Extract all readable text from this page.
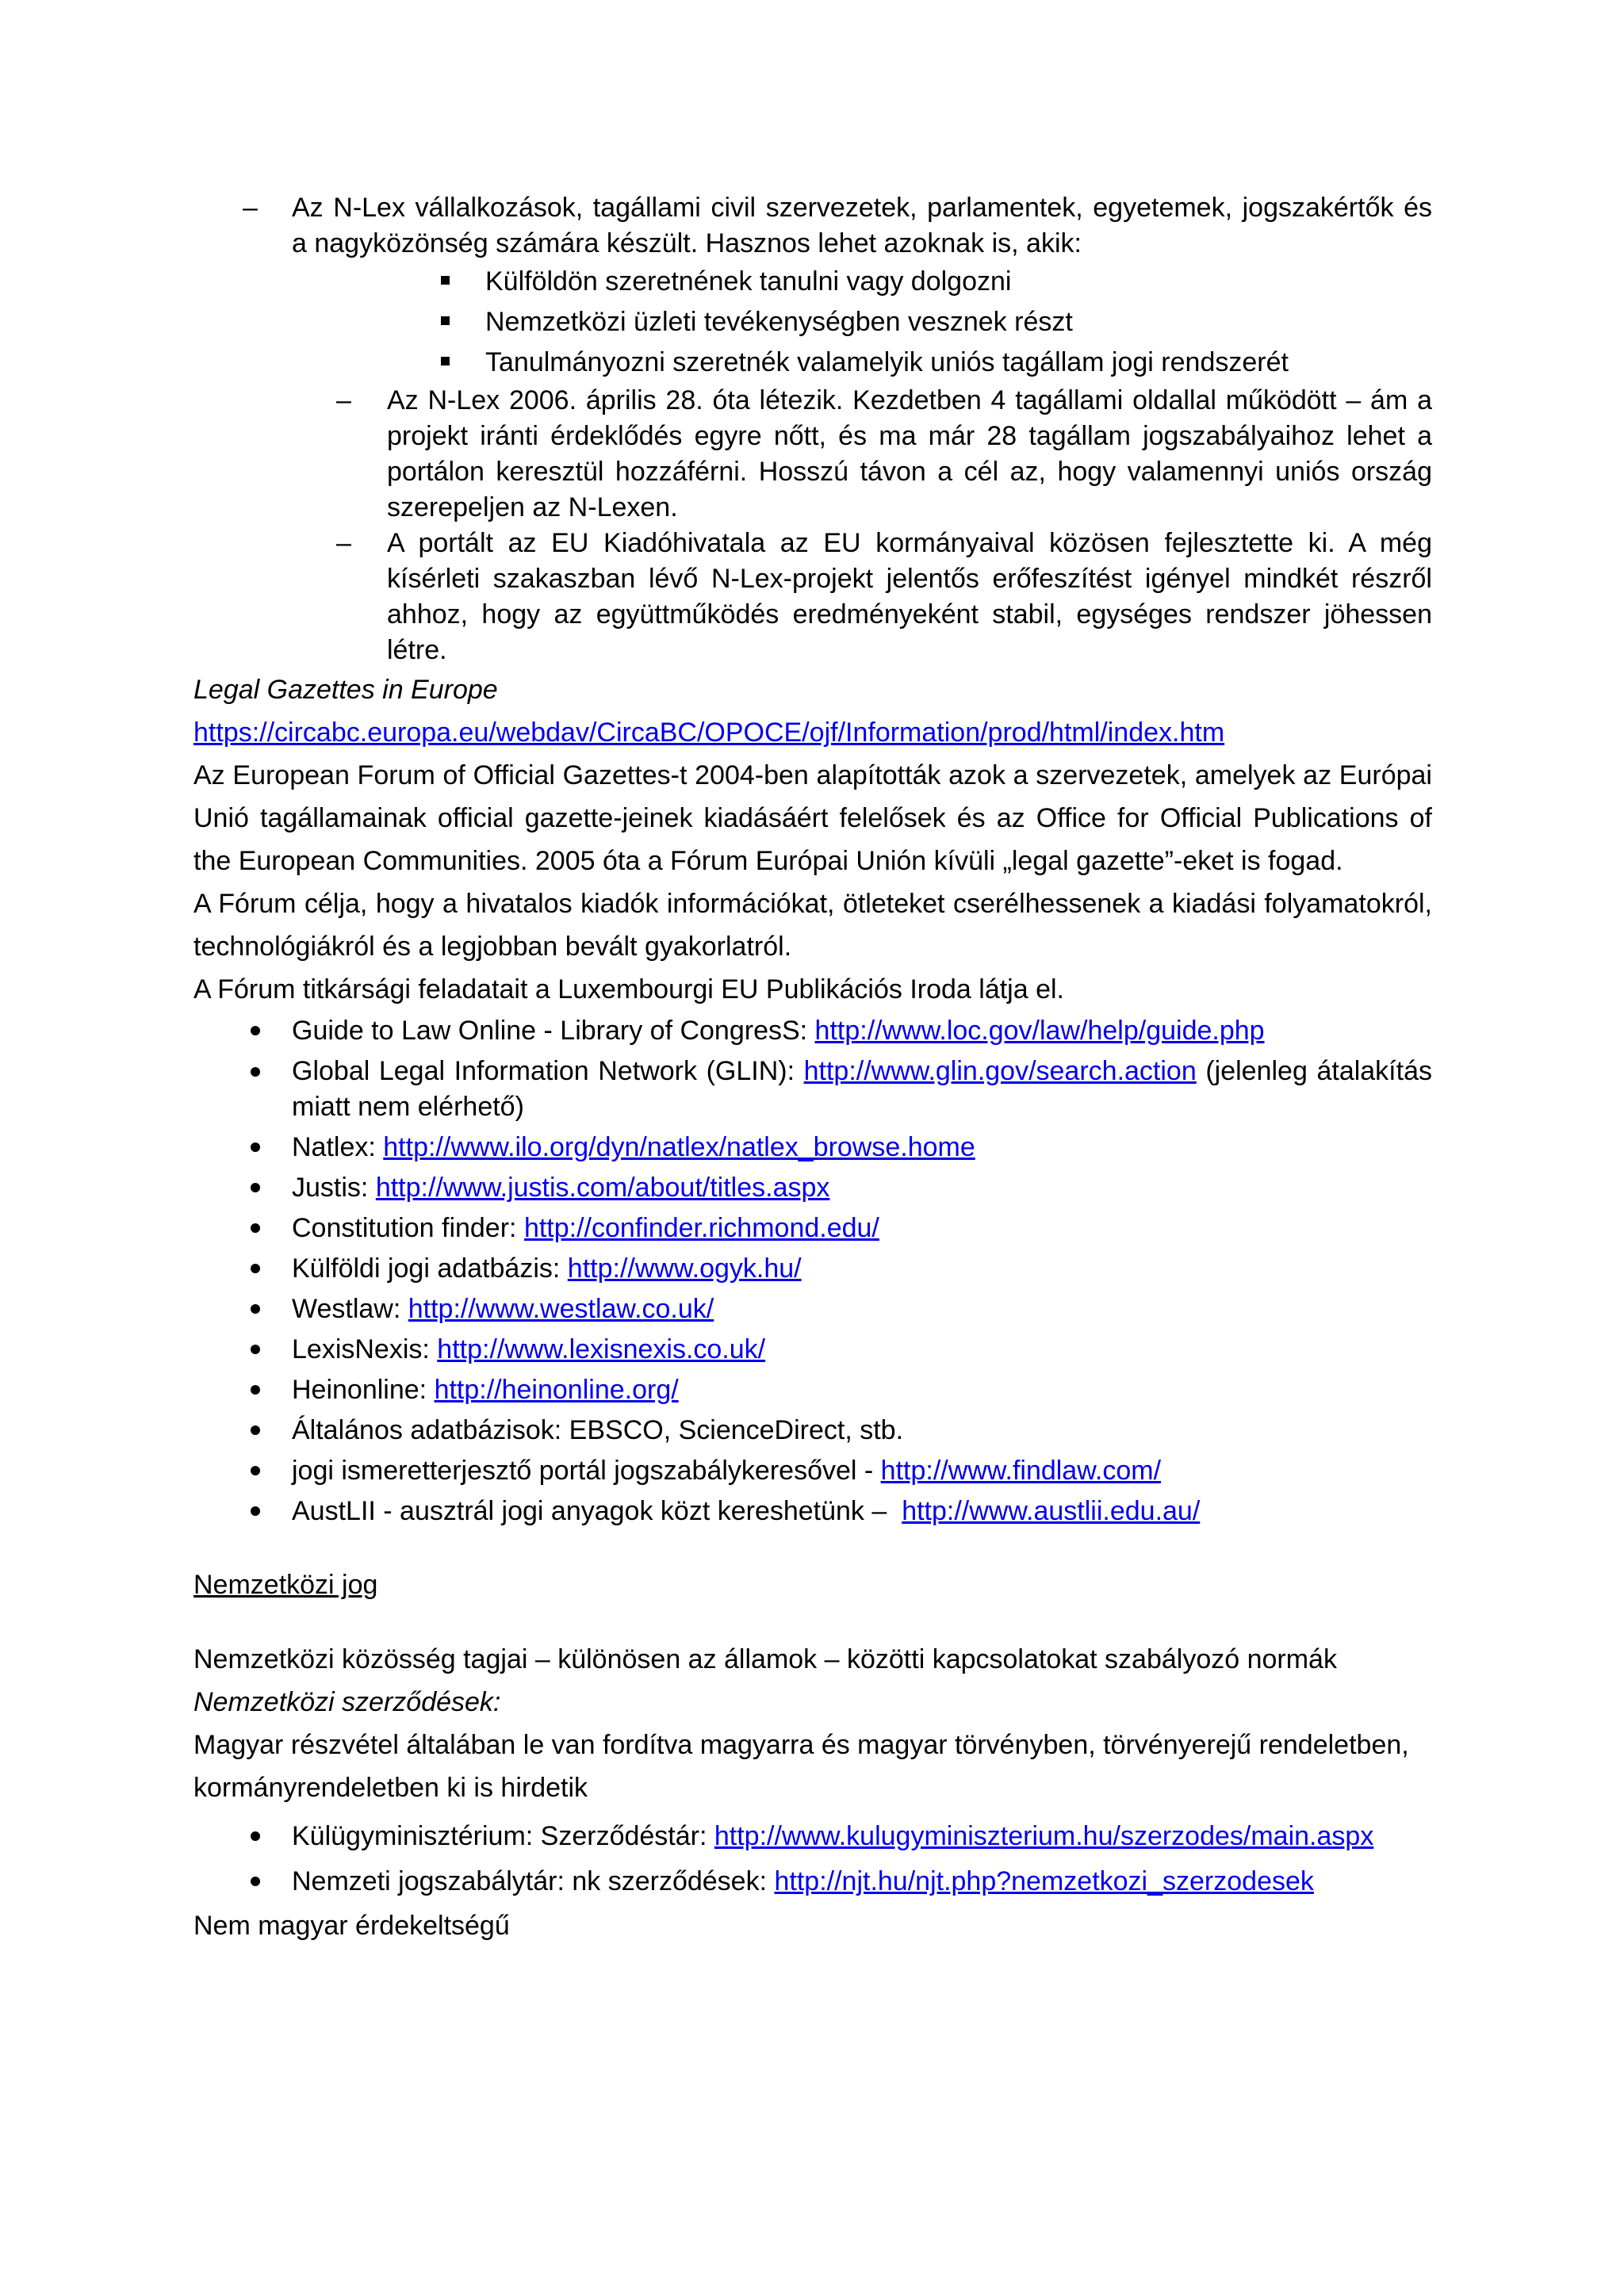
– Az N-Lex vállalkozások, tagállami civil szervezetek, parlamentek, egyetemek, jogszakértők és a nagyközönség számára készült. Hasznos lehet azoknak is, akik:
Külföldön szeretnének tanulni vagy dolgozni
Nemzetközi üzleti tevékenységben vesznek részt
Tanulmányozni szeretnék valamelyik uniós tagállam jogi rendszerét
– Az N-Lex 2006. április 28. óta létezik. Kezdetben 4 tagállami oldallal működött – ám a projekt iránti érdeklődés egyre nőtt, és ma már 28 tagállam jogszabályaihoz lehet a portálon keresztül hozzáférni. Hosszú távon a cél az, hogy valamennyi uniós ország szerepeljen az N-Lexen.
– A portált az EU Kiadóhivatala az EU kormányaival közösen fejlesztette ki. A még kísérleti szakaszban lévő N-Lex-projekt jelentős erőfeszítést igényel mindkét részről ahhoz, hogy az együttműködés eredményeként stabil, egységes rendszer jöhessen létre.

Legal Gazettes in Europe

https://circabc.europa.eu/webdav/CircaBC/OPOCE/ojf/Information/prod/html/index.htm

Az European Forum of Official Gazettes-t 2004-ben alapították azok a szervezetek, amelyek az Európai Unió tagállamainak official gazette-jeinek kiadásáért felelősek és az Office for Official Publications of the European Communities. 2005 óta a Fórum Európai Unión kívüli „legal gazette”-eket is fogad.

A Fórum célja, hogy a hivatalos kiadók információkat, ötleteket cserélhessenek a kiadási folyamatokról, technológiákról és a legjobban bevált gyakorlatról.

A Fórum titkársági feladatait a Luxembourgi EU Publikációs Iroda látja el.

Guide to Law Online - Library of CongresS: http://www.loc.gov/law/help/guide.php
Global Legal Information Network (GLIN): http://www.glin.gov/search.action (jelenleg átalakítás miatt nem elérhető)
Natlex: http://www.ilo.org/dyn/natlex/natlex_browse.home
Justis: http://www.justis.com/about/titles.aspx
Constitution finder: http://confinder.richmond.edu/
Külföldi jogi adatbázis: http://www.ogyk.hu/
Westlaw: http://www.westlaw.co.uk/
LexisNexis: http://www.lexisnexis.co.uk/
Heinonline: http://heinonline.org/
Általános adatbázisok: EBSCO, ScienceDirect, stb.
jogi ismeretterjesztő portál jogszabálykeresővel - http://www.findlaw.com/
AustLII - ausztrál jogi anyagok közt kereshetünk –  http://www.austlii.edu.au/

Nemzetközi jog

Nemzetközi közösség tagjai – különösen az államok – közötti kapcsolatokat szabályozó normák

Nemzetközi szerződések:

Magyar részvétel általában le van fordítva magyarra és magyar törvényben, törvényerejű rendeletben, kormányrendeletben ki is hirdetik

Külügyminisztérium: Szerződéstár: http://www.kulugyminiszterium.hu/szerzodes/main.aspx
Nemzeti jogszabálytár: nk szerződések: http://njt.hu/njt.php?nemzetkozi_szerzodesek

Nem magyar érdekeltségű
